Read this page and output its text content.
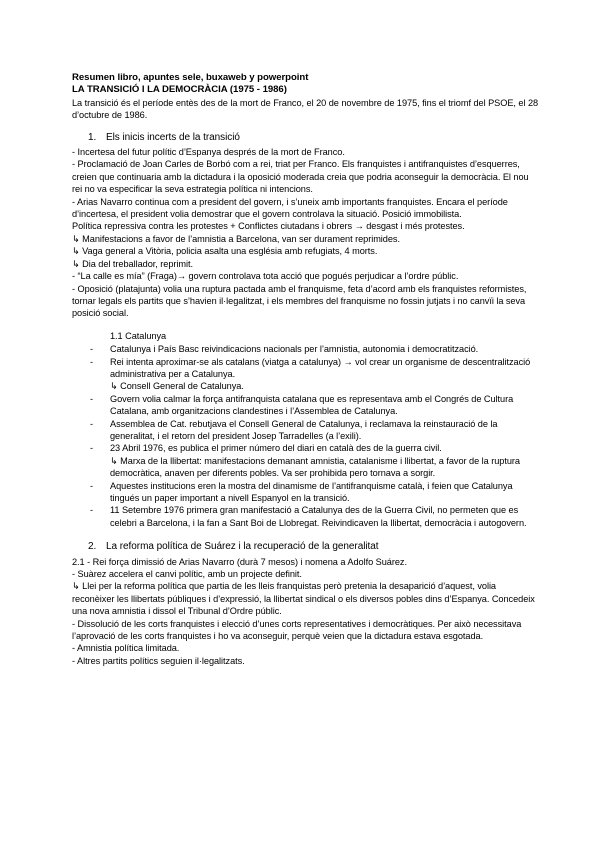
Resumen libro, apuntes sele, buxaweb y powerpoint

LA TRANSICIÓ I LA DEMOCRÀCIA (1975 - 1986)

La transició és el període entès des de la mort de Franco, el 20 de novembre de 1975, fins el triomf del PSOE, el 28 d’octubre de 1986.

1. Els inicis incerts de la transició

- Incertesa del futur polític d’Espanya després de la mort de Franco.

- Proclamació de Joan Carles de Borbó com a rei, triat per Franco. Els franquistes i antifranquistes d’esquerres, creien que continuaria amb la dictadura i la oposició moderada creia que podria aconseguir la democràcia. El nou rei no va especificar la seva estrategia política ni intencions.

- Arias Navarro continua com a president del govern, i s’uneix amb importants franquistes. Encara el període d’incertesa, el president volia demostrar que el govern controlava la situació. Posició immobilista.

Política repressiva contra les protestes + Conflictes ciutadans i obrers → desgast i més protestes.

↳ Manifestacions a favor de l’amnistia a Barcelona, van ser durament reprimides.

↳ Vaga general a Vitòria, policia asalta una església amb refugiats, 4 morts.

↳ Dia del treballador, reprimit.

- “La calle es mía” (Fraga)→ govern controlava tota acció que pogués perjudicar a l’ordre públic.

- Oposició (platajunta) volia una ruptura pactada amb el franquisme, feta d’acord amb els franquistes reformistes, tornar legals els partits que s’havien il·legalitzat, i els membres del franquisme no fossin jutjats i no canvïi la seva posició social.

1.1 Catalunya

- Catalunya i País Basc reivindicacions nacionals per l’amnistia, autonomia i democratització.
- Rei intenta aproximar-se als catalans (viatga a catalunya) → vol crear un organisme de descentralització administrativa per a Catalunya.
↳ Consell General de Catalunya.
- Govern volia calmar la força antifranquista catalana que es representava amb el Congrés de Cultura Catalana, amb organitzacions clandestines i l’Assemblea de Catalunya.
- Assemblea de Cat. rebutjava el Consell General de Catalunya, i reclamava la reinstauració de la generalitat, i el retorn del president Josep Tarradelles (a l’exili).
- 23 Abril 1976, es publica el primer número del diari en català des de la guerra civil.
↳ Marxa de la llibertat: manifestacions demanant amnistia, catalanisme i llibertat, a favor de la ruptura democràtica, anaven per diferents pobles. Va ser prohibida pero tornava a sorgir.
- Aquestes institucions eren la mostra del dinamisme de l’antifranquisme català, i feien que Catalunya tingués un paper important a nivell Espanyol en la transició.
- 11 Setembre 1976 primera gran manifestació a Catalunya des de la Guerra Civil, no permeten que es celebri a Barcelona, i la fan a Sant Boi de Llobregat. Reivindicaven la llibertat, democràcia i autogovern.

2. La reforma política de Suárez i la recuperació de la generalitat

2.1 - Rei força dimissió de Arias Navarro (durà 7 mesos) i nomena a Adolfo Suárez.

- Suàrez accelera el canvi polític, amb un projecte definit.

↳ Llei per la reforma política que partia de les lleis franquistas però pretenia la desaparició d’aquest, volia reconèixer les llibertats públiques i d’expressió, la llibertat sindical o els diversos pobles dins d’Espanya. Concedeix una nova amnistia i dissol el Tribunal d’Ordre públic.

- Dissolució de les corts franquistes i elecció d’unes corts representatives i democràtiques. Per això necessitava l’aprovació de les corts franquistes i ho va aconseguir, perquè veien que la dictadura estava esgotada.

- Amnistia política limitada.

- Altres partits polítics seguien il·legalitzats.
